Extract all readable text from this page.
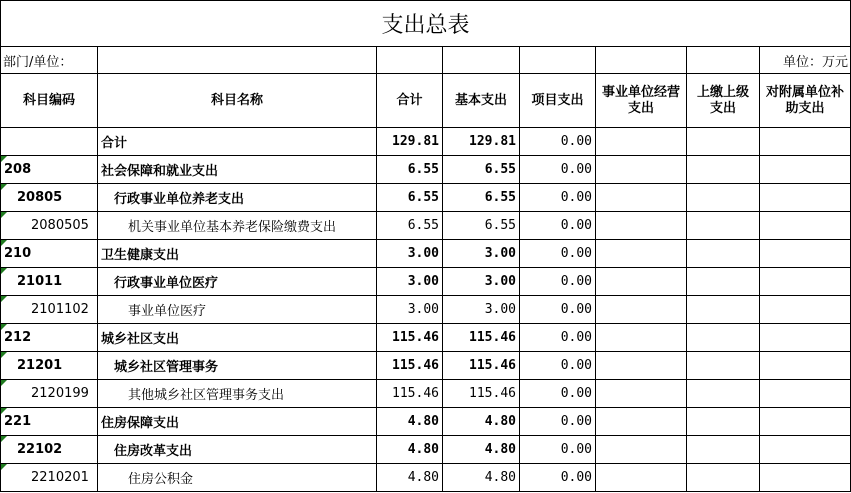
支出总表							
部门/单位：							单位：万元
科目编码	科目名称	合计	基本支出	项目支出	事业单位经营支出	上缴上级支出	对附属单位补助支出
	合计	129.81	129.81	0.00			

208	社会保障和就业支出	6.55	6.55	0.00			

20805	行政事业单位养老支出	6.55	6.55	0.00			

2080505	机关事业单位基本养老保险缴费支出	6.55	6.55	0.00			

210	卫生健康支出	3.00	3.00	0.00			

21011	行政事业单位医疗	3.00	3.00	0.00			

2101102	事业单位医疗	3.00	3.00	0.00			

212	城乡社区支出	115.46	115.46	0.00			

21201	城乡社区管理事务	115.46	115.46	0.00			

2120199	其他城乡社区管理事务支出	115.46	115.46	0.00			

221	住房保障支出	4.80	4.80	0.00			

22102	住房改革支出	4.80	4.80	0.00			

2210201	住房公积金	4.80	4.80	0.00			
